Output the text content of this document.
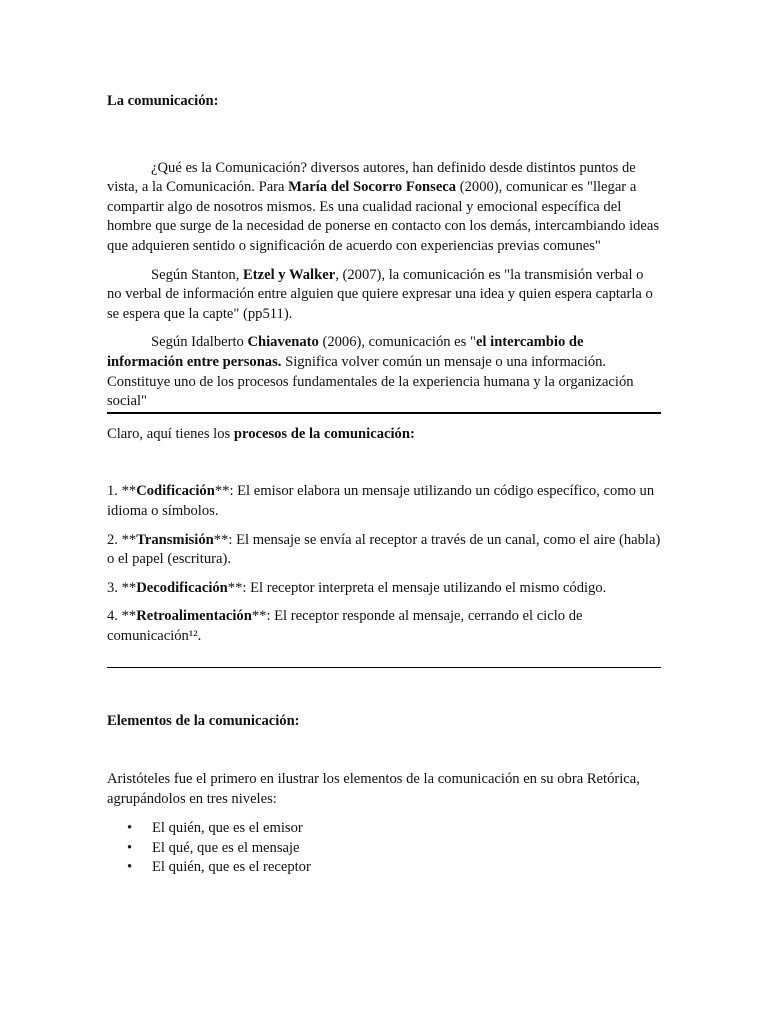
La comunicación:

¿Qué es la Comunicación? diversos autores, han definido desde distintos puntos de vista, a la Comunicación. Para María del Socorro Fonseca (2000), comunicar es "llegar a compartir algo de nosotros mismos. Es una cualidad racional y emocional específica del hombre que surge de la necesidad de ponerse en contacto con los demás, intercambiando ideas que adquieren sentido o significación de acuerdo con experiencias previas comunes"

Según Stanton, Etzel y Walker, (2007), la comunicación es "la transmisión verbal o no verbal de información entre alguien que quiere expresar una idea y quien espera captarla o se espera que la capte" (pp511).

Según Idalberto Chiavenato (2006), comunicación es "el intercambio de información entre personas. Significa volver común un mensaje o una información. Constituye uno de los procesos fundamentales de la experiencia humana y la organización social"

Claro, aquí tienes los procesos de la comunicación:

1. **Codificación**: El emisor elabora un mensaje utilizando un código específico, como un idioma o símbolos.

2. **Transmisión**: El mensaje se envía al receptor a través de un canal, como el aire (habla) o el papel (escritura).

3. **Decodificación**: El receptor interpreta el mensaje utilizando el mismo código.

4. **Retroalimentación**: El receptor responde al mensaje, cerrando el ciclo de comunicación¹².

Elementos de la comunicación:

Aristóteles fue el primero en ilustrar los elementos de la comunicación en su obra Retórica, agrupándolos en tres niveles:

• El quién, que es el emisor
• El qué, que es el mensaje
• El quién, que es el receptor
